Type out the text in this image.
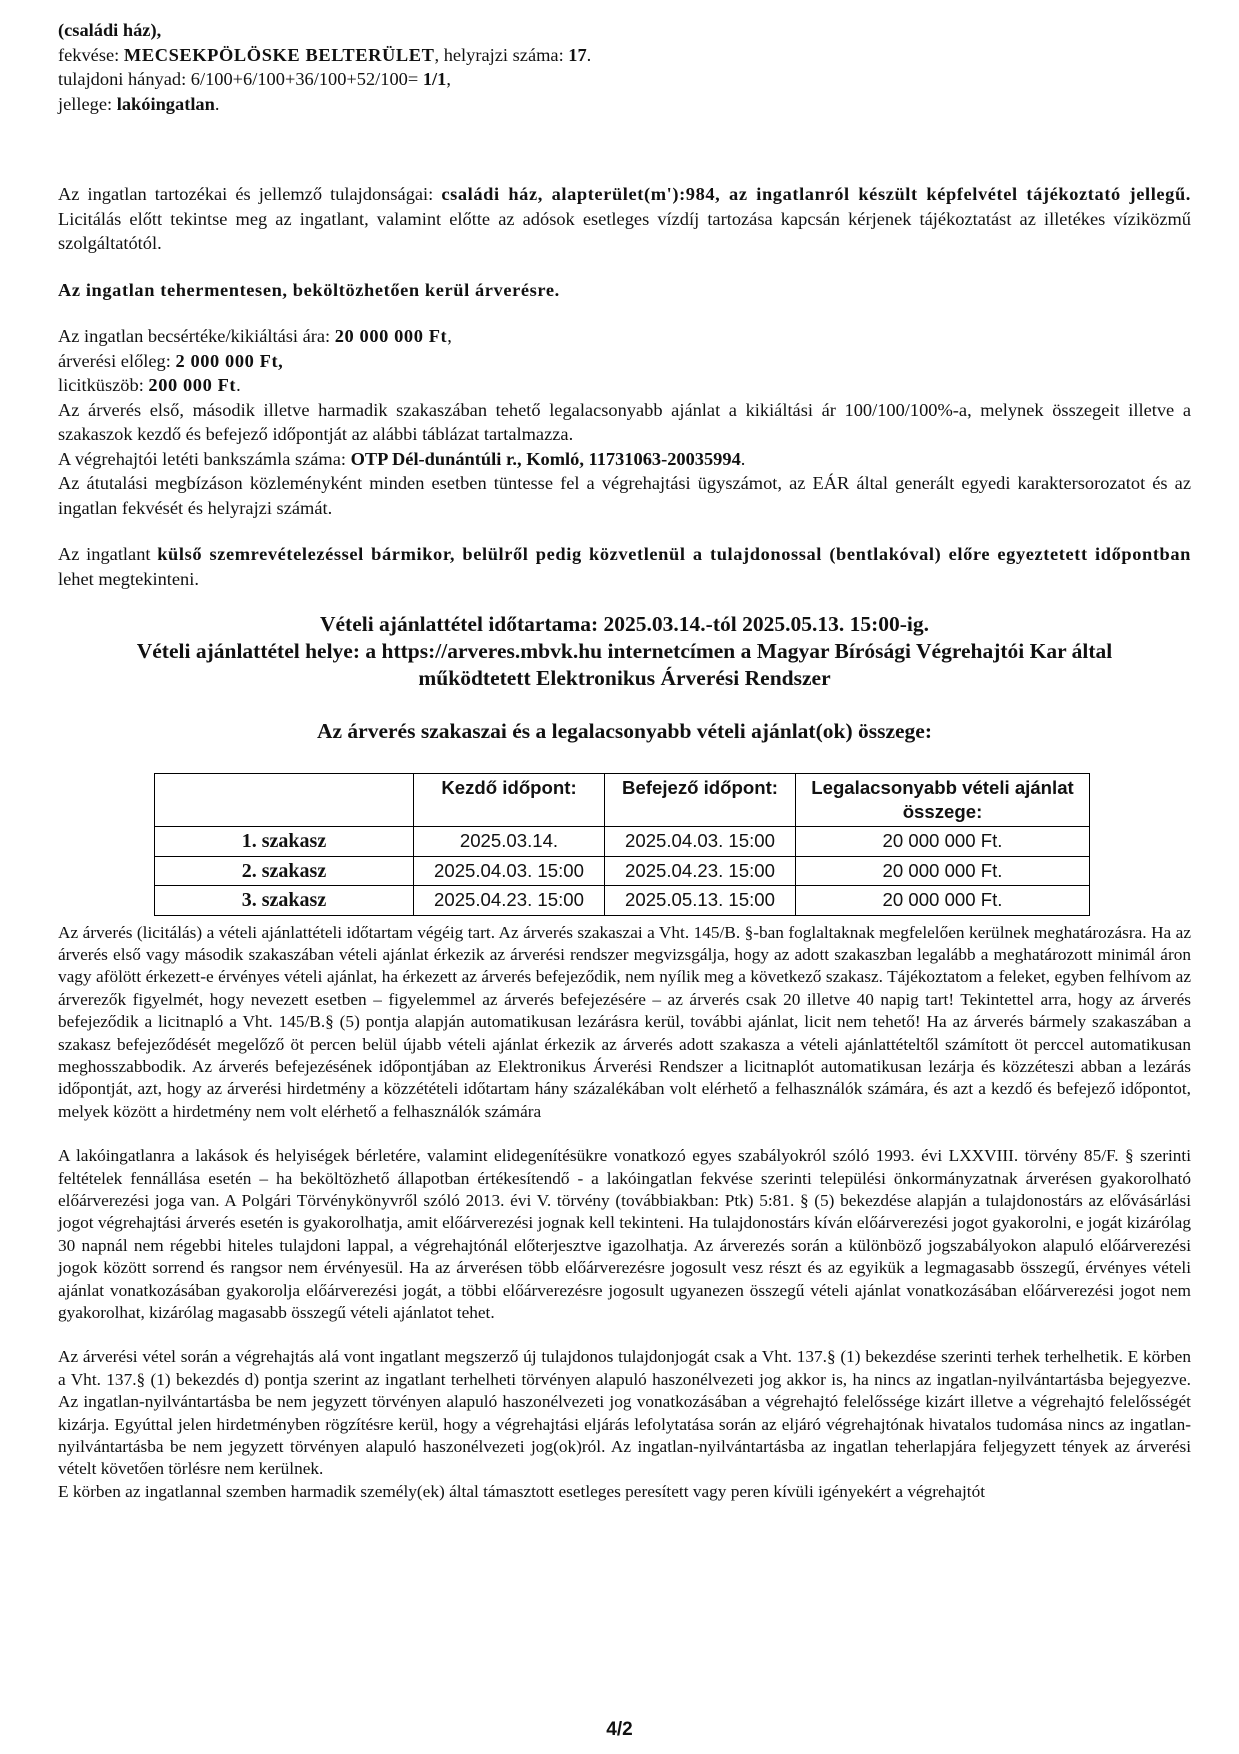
(családi ház),

fekvése: MECSEKPÖLÖSKE BELTERÜLET, helyrajzi száma: 17.

tulajdoni hányad: 6/100+6/100+36/100+52/100= 1/1,

jellege: lakóingatlan.

Az ingatlan tartozékai és jellemző tulajdonságai: családi ház, alapterület(m'):984, az ingatlanról készült képfelvétel tájékoztató jellegű. Licitálás előtt tekintse meg az ingatlant, valamint előtte az adósok esetleges vízdíj tartozása kapcsán kérjenek tájékoztatást az illetékes víziközmű szolgáltatótól.

Az ingatlan tehermentesen, beköltözhetően kerül árverésre.

Az ingatlan becsértéke/kikiáltási ára: 20 000 000 Ft,

árverési előleg: 2 000 000 Ft,

licitküszöb: 200 000 Ft.

Az árverés első, második illetve harmadik szakaszában tehető legalacsonyabb ajánlat a kikiáltási ár 100/100/100%-a, melynek összegeit illetve a szakaszok kezdő és befejező időpontját az alábbi táblázat tartalmazza.

A végrehajtói letéti bankszámla száma: OTP Dél-dunántúli r., Komló, 11731063-20035994.

Az átutalási megbízáson közleményként minden esetben tüntesse fel a végrehajtási ügyszámot, az EÁR által generált egyedi karaktersorozatot és az ingatlan fekvését és helyrajzi számát.

Az ingatlant külső szemrevételezéssel bármikor, belülről pedig közvetlenül a tulajdonossal (bentlakóval) előre egyeztetett időpontban lehet megtekinteni.

Vételi ajánlattétel időtartama: 2025.03.14.-tól 2025.05.13. 15:00-ig.
Vételi ajánlattétel helye: a https://arveres.mbvk.hu internetcímen a Magyar Bírósági Végrehajtói Kar által
működtetett Elektronikus Árverési Rendszer
Az árverés szakaszai és a legalacsonyabb vételi ajánlat(ok) összege:
	Kezdő időpont:	Befejező időpont:	Legalacsonyabb vételi ajánlat összege:
1. szakasz	2025.03.14.	2025.04.03. 15:00	20 000 000 Ft.
2. szakasz	2025.04.03. 15:00	2025.04.23. 15:00	20 000 000 Ft.
3. szakasz	2025.04.23. 15:00	2025.05.13. 15:00	20 000 000 Ft.

Az árverés (licitálás) a vételi ajánlattételi időtartam végéig tart. Az árverés szakaszai a Vht. 145/B. §-ban foglaltaknak megfelelően kerülnek meghatározásra. Ha az árverés első vagy második szakaszában vételi ajánlat érkezik az árverési rendszer megvizsgálja, hogy az adott szakaszban legalább a meghatározott minimál áron vagy afölött érkezett-e érvényes vételi ajánlat, ha érkezett az árverés befejeződik, nem nyílik meg a következő szakasz. Tájékoztatom a feleket, egyben felhívom az árverezők figyelmét, hogy nevezett esetben – figyelemmel az árverés befejezésére – az árverés csak 20 illetve 40 napig tart! Tekintettel arra, hogy az árverés befejeződik a licitnapló a Vht. 145/B.§ (5) pontja alapján automatikusan lezárásra kerül, további ajánlat, licit nem tehető! Ha az árverés bármely szakaszában a szakasz befejeződését megelőző öt percen belül újabb vételi ajánlat érkezik az árverés adott szakasza a vételi ajánlattételtől számított öt perccel automatikusan meghosszabbodik. Az árverés befejezésének időpontjában az Elektronikus Árverési Rendszer a licitnaplót automatikusan lezárja és közzéteszi abban a lezárás időpontját, azt, hogy az árverési hirdetmény a közzétételi időtartam hány százalékában volt elérhető a felhasználók számára, és azt a kezdő és befejező időpontot, melyek között a hirdetmény nem volt elérhető a felhasználók számára

A lakóingatlanra a lakások és helyiségek bérletére, valamint elidegenítésükre vonatkozó egyes szabályokról szóló 1993. évi LXXVIII. törvény 85/F. § szerinti feltételek fennállása esetén – ha beköltözhető állapotban értékesítendő - a lakóingatlan fekvése szerinti települési önkormányzatnak árverésen gyakorolható előárverezési joga van. A Polgári Törvénykönyvről szóló 2013. évi V. törvény (továbbiakban: Ptk) 5:81. § (5) bekezdése alapján a tulajdonostárs az elővásárlási jogot végrehajtási árverés esetén is gyakorolhatja, amit előárverezési jognak kell tekinteni. Ha tulajdonostárs kíván előárverezési jogot gyakorolni, e jogát kizárólag 30 napnál nem régebbi hiteles tulajdoni lappal, a végrehajtónál előterjesztve igazolhatja. Az árverezés során a különböző jogszabályokon alapuló előárverezési jogok között sorrend és rangsor nem érvényesül. Ha az árverésen több előárverezésre jogosult vesz részt és az egyikük a legmagasabb összegű, érvényes vételi ajánlat vonatkozásában gyakorolja előárverezési jogát, a többi előárverezésre jogosult ugyanezen összegű vételi ajánlat vonatkozásában előárverezési jogot nem gyakorolhat, kizárólag magasabb összegű vételi ajánlatot tehet.

Az árverési vétel során a végrehajtás alá vont ingatlant megszerző új tulajdonos tulajdonjogát csak a Vht. 137.§ (1) bekezdése szerinti terhek terhelhetik. E körben a Vht. 137.§ (1) bekezdés d) pontja szerint az ingatlant terhelheti törvényen alapuló haszonélvezeti jog akkor is, ha nincs az ingatlan-nyilvántartásba bejegyezve. Az ingatlan-nyilvántartásba be nem jegyzett törvényen alapuló haszonélvezeti jog vonatkozásában a végrehajtó felelőssége kizárt illetve a végrehajtó felelősségét kizárja. Egyúttal jelen hirdetményben rögzítésre kerül, hogy a végrehajtási eljárás lefolytatása során az eljáró végrehajtónak hivatalos tudomása nincs az ingatlan-nyilvántartásba be nem jegyzett törvényen alapuló haszonélvezeti jog(ok)ról. Az ingatlan-nyilvántartásba az ingatlan teherlapjára feljegyzett tények az árverési vételt követően törlésre nem kerülnek.

E körben az ingatlannal szemben harmadik személy(ek) által támasztott esetleges peresített vagy peren kívüli igényekért a végrehajtót

4/2
